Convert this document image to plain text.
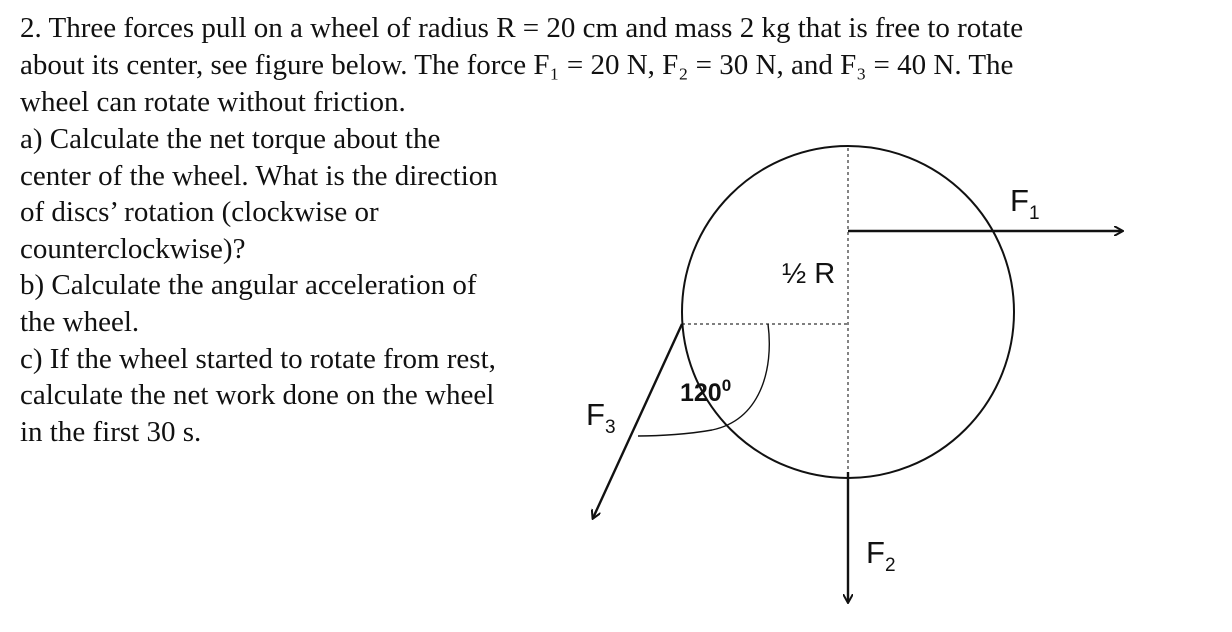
2. Three forces pull on a wheel of radius R = 20 cm and mass 2 kg that is free to rotate
about its center, see figure below. The force F₁ = 20 N, F₂ = 30 N, and F₃ = 40 N. The
wheel can rotate without friction.
a) Calculate the net torque about the
center of the wheel. What is the direction
of discs’ rotation (clockwise or
counterclockwise)?
b) Calculate the angular acceleration of
the wheel.
c) If the wheel started to rotate from rest,
calculate the net work done on the wheel
in the first 30 s.
$F_1$
$F_2$
$F_3$
½ R
$120^0$
